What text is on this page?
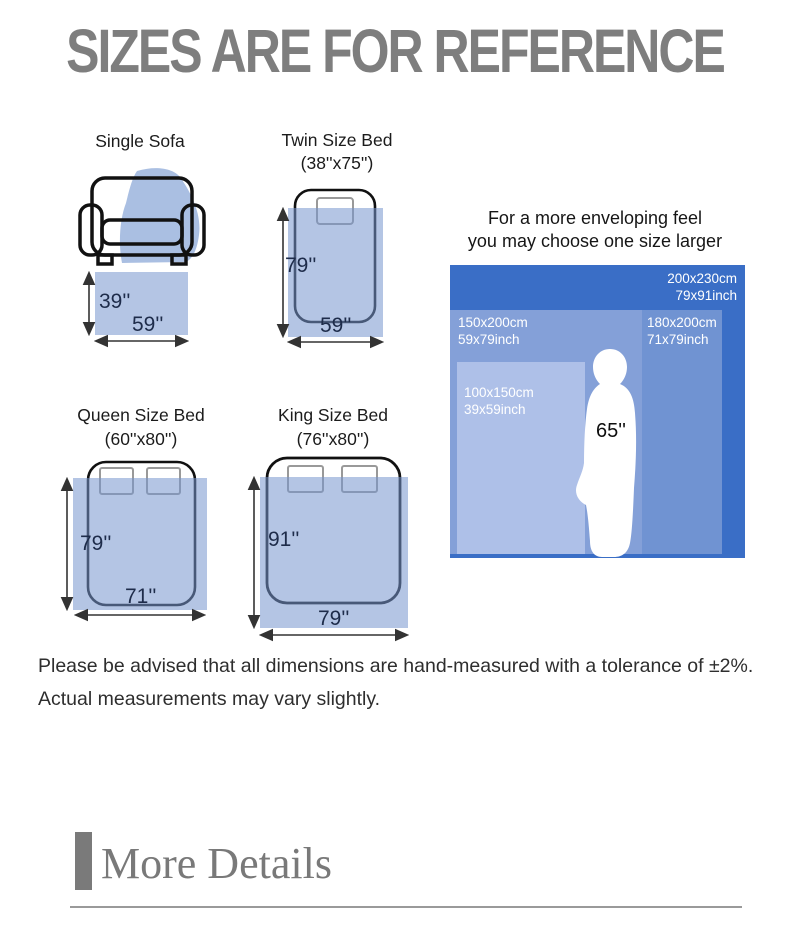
SIZES ARE FOR REFERENCE
Single Sofa	Twin Size Bed
(38''x75'')
Queen Size Bed
(60''x80'')
King Size Bed
(76''x80'')
39''
59''
79''
59''
79''
71''
91''
79''
For a more enveloping feel
you may choose one size larger
200x230cm
79x91inch
150x200cm
59x79inch
180x200cm
71x79inch
100x150cm
39x59inch
65''
Please be advised that all dimensions are hand-measured with a tolerance of ±2%.
Actual measurements may vary slightly.
More Details
